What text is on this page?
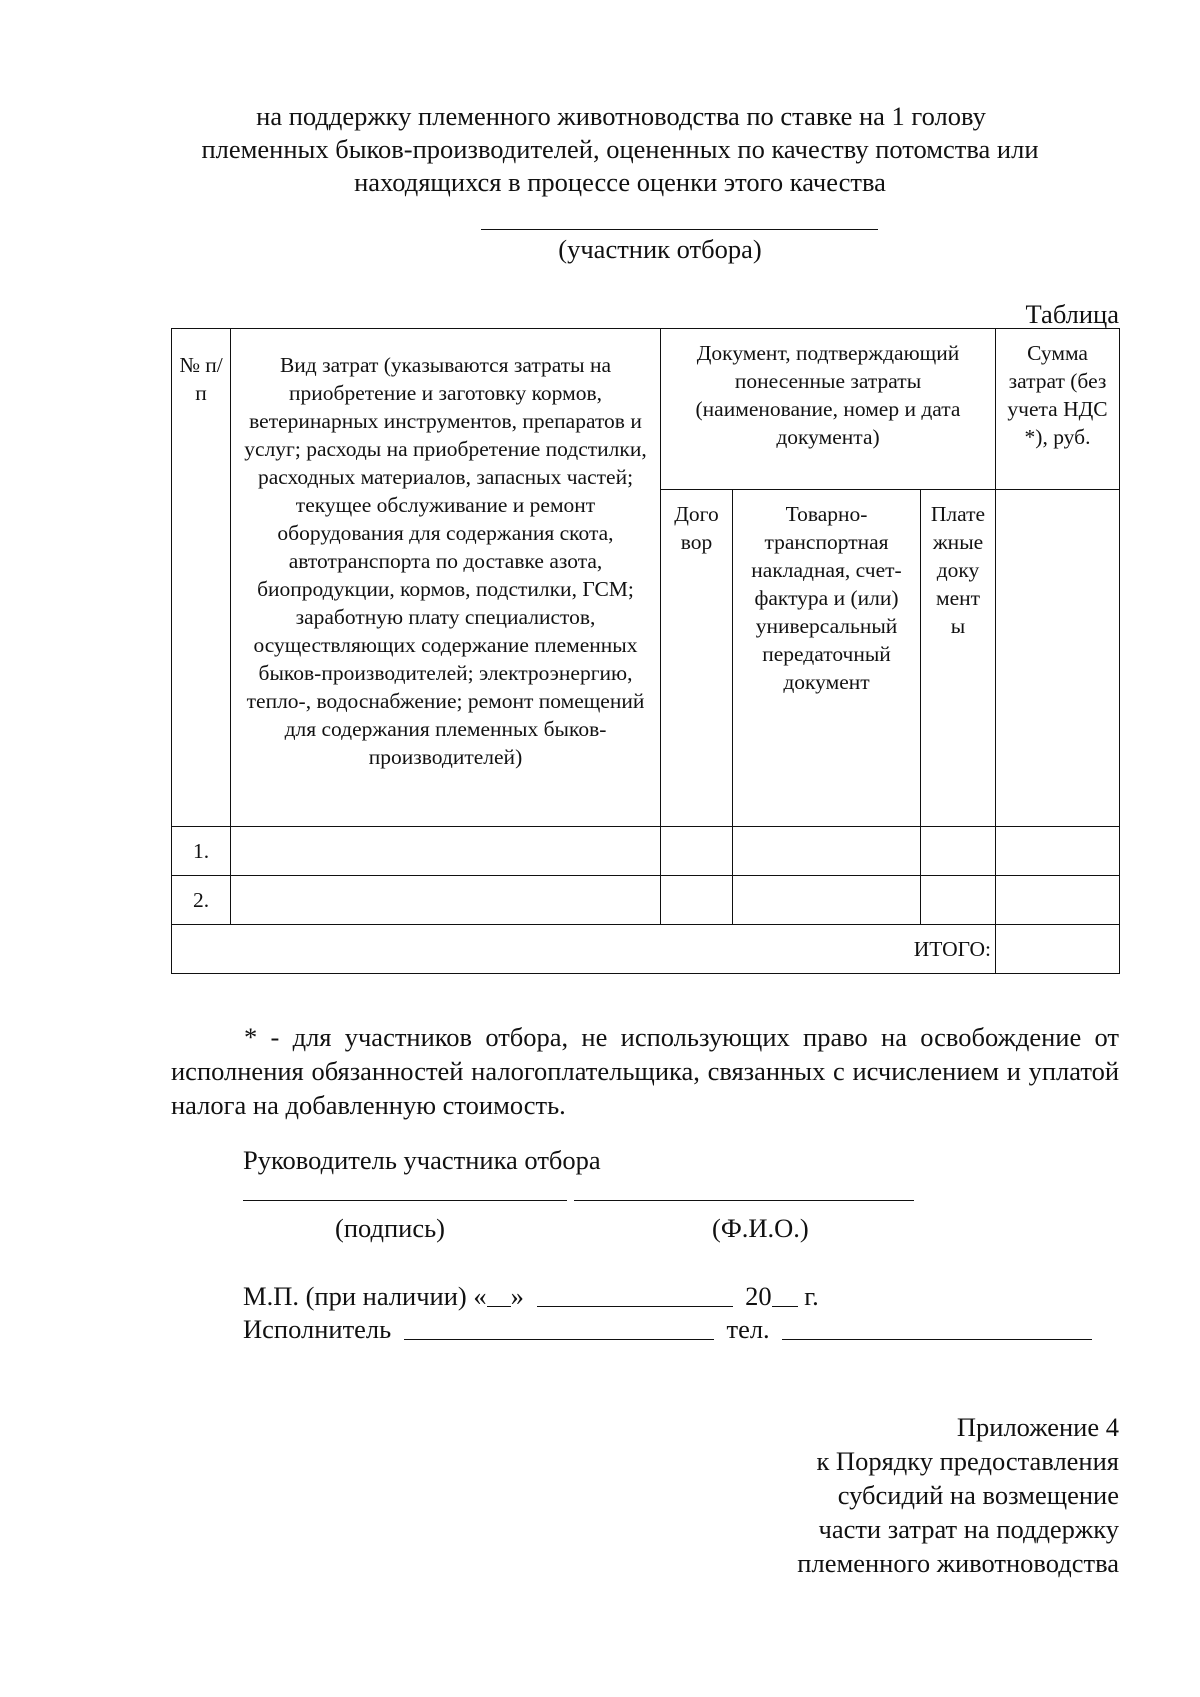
на поддержку племенного животноводства по ставке на 1 голову
племенных быков-производителей, оцененных по качеству потомства или
находящихся в процессе оценки этого качества
(участник отбора)
Таблица
№ п/п	Вид затрат (указываются затраты на приобретение и заготовку кормов, ветеринарных инструментов, препаратов и услуг; расходы на приобретение подстилки, расходных материалов, запасных частей; текущее обслуживание и ремонт оборудования для содержания скота, автотранспорта по доставке азота, биопродукции, кормов, подстилки, ГСМ; заработную плату специалистов, осуществляющих содержание племенных быков-производителей; электроэнергию, тепло-, водоснабжение; ремонт помещений для содержания племенных быков-производителей)	Документ, подтверждающий понесенные затраты (наименование, номер и дата документа)			Сумма затрат (без учета НДС *), руб.
		Дого вор	Товарно-транспортная накладная, счет-фактура и (или) универсальный передаточный документ	Плате жные доку мент ы	
1.					
2.					
ИТОГО:					
* - для участников отбора, не использующих право на освобождение от исполнения обязанностей налогоплательщика, связанных с исчислением и уплатой налога на добавленную стоимость.
Руководитель участника отбора
(подпись)	(Ф.И.О.)
М.П. (при наличии) « »	20 г.
Исполнитель	тел.
Приложение 4
к Порядку предоставления
субсидий на возмещение
части затрат на поддержку
племенного животноводства
